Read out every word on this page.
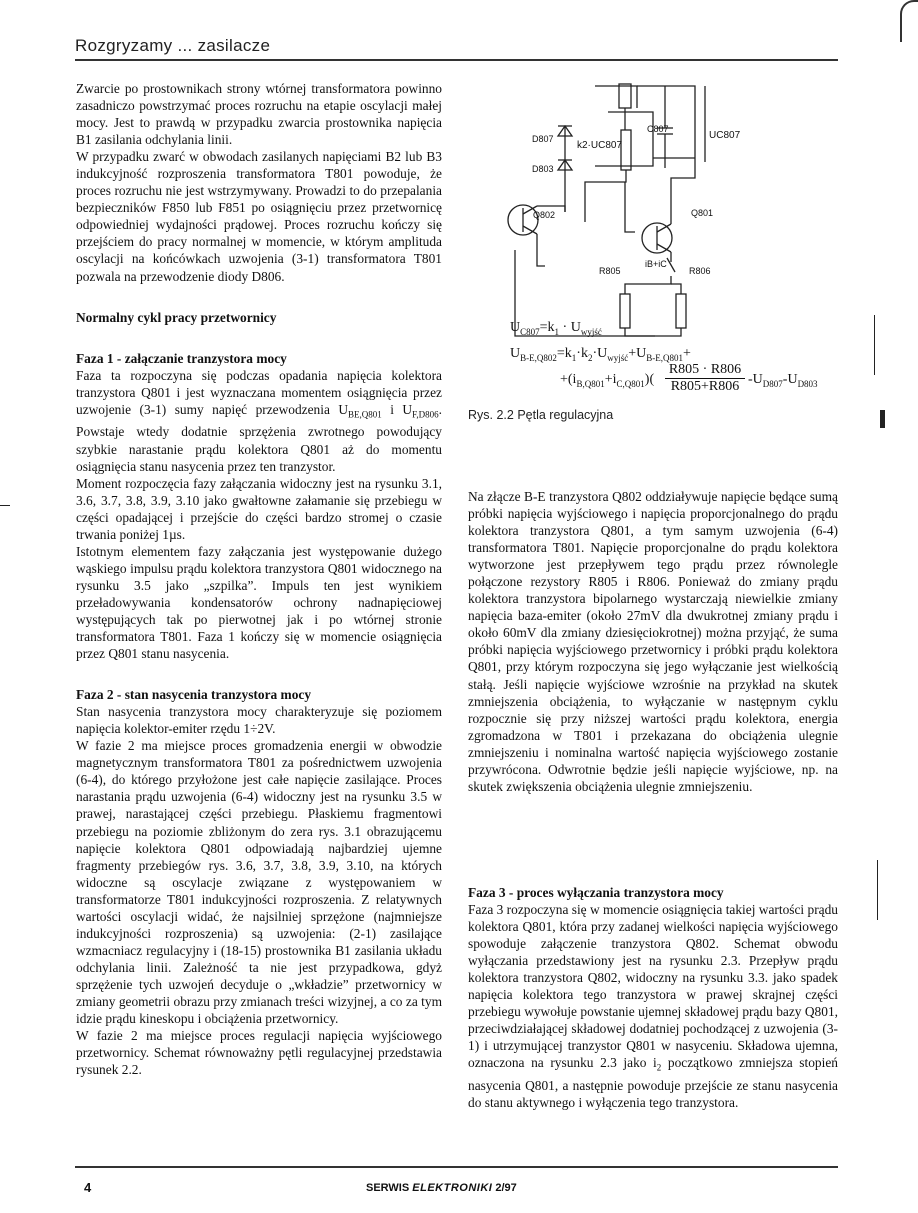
Rozgryzamy ... zasilacze

Zwarcie po prostownikach strony wtórnej transformatora powinno zasadniczo powstrzymać proces rozruchu na etapie oscylacji małej mocy. Jest to prawdą w przypadku zwarcia prostownika napięcia B1 zasilania odchylania linii.

W przypadku zwarć w obwodach zasilanych napięciami B2 lub B3 indukcyjność rozproszenia transformatora T801 powoduje, że proces rozruchu nie jest wstrzymywany. Prowadzi to do przepalania bezpieczników F850 lub F851 po osiągnięciu przez przetwornicę odpowiedniej wydajności prądowej. Proces rozruchu kończy się przejściem do pracy normalnej w momencie, w którym amplituda oscylacji na końcówkach uzwojenia (3-1) transformatora T801 pozwala na przewodzenie diody D806.

Normalny cykl pracy przetwornicy

Faza 1 - załączanie tranzystora mocy

Faza ta rozpoczyna się podczas opadania napięcia kolektora tranzystora Q801 i jest wyznaczana momentem osiągnięcia przez uzwojenie (3-1) sumy napięć przewodzenia $U_{BE,Q801}$ i $U_{F,D806}$. Powstaje wtedy dodatnie sprzężenia zwrotnego powodujący szybkie narastanie prądu kolektora Q801 aż do momentu osiągnięcia stanu nasycenia przez ten tranzystor.

Moment rozpoczęcia fazy załączania widoczny jest na rysunku 3.1, 3.6, 3.7, 3.8, 3.9, 3.10 jako gwałtowne załamanie się przebiegu w części opadającej i przejście do części bardzo stromej o czasie trwania poniżej 1µs.

Istotnym elementem fazy załączania jest występowanie dużego wąskiego impulsu prądu kolektora tranzystora Q801 widocznego na rysunku 3.5 jako „szpilka”. Impuls ten jest wynikiem przeładowywania kondensatorów ochrony nadnapięciowej występujących tak po pierwotnej jak i po wtórnej stronie transformatora T801. Faza 1 kończy się w momencie osiągnięcia przez Q801 stanu nasycenia.

Faza 2 - stan nasycenia tranzystora mocy

Stan nasycenia tranzystora mocy charakteryzuje się poziomem napięcia kolektor-emiter rzędu 1÷2V.

W fazie 2 ma miejsce proces gromadzenia energii w obwodzie magnetycznym transformatora T801 za pośrednictwem uzwojenia (6-4), do którego przyłożone jest całe napięcie zasilające. Proces narastania prądu uzwojenia (6-4) widoczny jest na rysunku 3.5 w prawej, narastającej części przebiegu. Płaskiemu fragmentowi przebiegu na poziomie zbliżonym do zera rys. 3.1 obrazującemu napięcie kolektora Q801 odpowiadają najbardziej ujemne fragmenty przebiegów rys. 3.6, 3.7, 3.8, 3.9, 3.10, na których widoczne są oscylacje związane z występowaniem w transformatorze T801 indukcyjności rozproszenia. Z relatywnych wartości oscylacji widać, że najsilniej sprzężone (najmniejsze indukcyjności rozproszenia) są uzwojenia: (2-1) zasilające wzmacniacz regulacyjny i (18-15) prostownika B1 zasilania układu odchylania linii. Zależność ta nie jest przypadkowa, gdyż sprzężenie tych uzwojeń decyduje o „wkładzie” przetwornicy w zmiany geometrii obrazu przy zmianach treści wizyjnej, a co za tym idzie prądu kineskopu i obciążenia przetwornicy.

W fazie 2 ma miejsce proces regulacji napięcia wyjściowego przetwornicy. Schemat równoważny pętli regulacyjnej przedstawia rysunek 2.2.

D807
D803
k2·UC807
C807
UC807
Q802	Q801
iB+iC
R805	R806
$U_{C807}=k_1 \cdot U_{wyjść}$
$U_{B-E,Q802}=k_1\cdot k_2\cdot U_{wyjść}+U_{B-E,Q801}+$
$+(i_{B,Q801}+i_{C,Q801})$(
R805 · R806
R805+R806 $-U_{D807}-U_{D803}$
Rys. 2.2 Pętla regulacyjna

Na złącze B-E tranzystora Q802 oddziaływuje napięcie będące sumą próbki napięcia wyjściowego i napięcia proporcjonalnego do prądu kolektora tranzystora Q801, a tym samym uzwojenia (6-4) transformatora T801. Napięcie proporcjonalne do prądu kolektora wytworzone jest przepływem tego prądu przez równolegle połączone rezystory R805 i R806. Ponieważ do zmiany prądu kolektora tranzystora bipolarnego wystarczają niewielkie zmiany napięcia baza-emiter (około 27mV dla dwukrotnej zmiany prądu i około 60mV dla zmiany dziesięciokrotnej) można przyjąć, że suma próbki napięcia wyjściowego przetwornicy i próbki prądu kolektora Q801, przy którym rozpoczyna się jego wyłączanie jest wielkością stałą. Jeśli napięcie wyjściowe wzrośnie na przykład na skutek zmniejszenia obciążenia, to wyłączanie w następnym cyklu rozpocznie się przy niższej wartości prądu kolektora, energia zgromadzona w T801 i przekazana do obciążenia ulegnie zmniejszeniu i nominalna wartość napięcia wyjściowego zostanie przywrócona. Odwrotnie będzie jeśli napięcie wyjściowe, np. na skutek zwiększenia obciążenia ulegnie zmniejszeniu.

Faza 3 - proces wyłączania tranzystora mocy

Faza 3 rozpoczyna się w momencie osiągnięcia takiej wartości prądu kolektora Q801, która przy zadanej wielkości napięcia wyjściowego spowoduje załączenie tranzystora Q802. Schemat obwodu wyłączania przedstawiony jest na rysunku 2.3. Przepływ prądu kolektora tranzystora Q802, widoczny na rysunku 3.3. jako spadek napięcia kolektora tego tranzystora w prawej skrajnej części przebiegu wywołuje powstanie ujemnej składowej prądu bazy Q801, przeciwdziałającej składowej dodatniej pochodzącej z uzwojenia (3-1) i utrzymującej tranzystor Q801 w nasyceniu. Składowa ujemna, oznaczona na rysunku 2.3 jako $i_2$ początkowo zmniejsza stopień nasycenia Q801, a następnie powoduje przejście ze stanu nasycenia do stanu aktywnego i wyłączenia tego tranzystora.

4	SERWIS ELEKTRONIKI 2/97
